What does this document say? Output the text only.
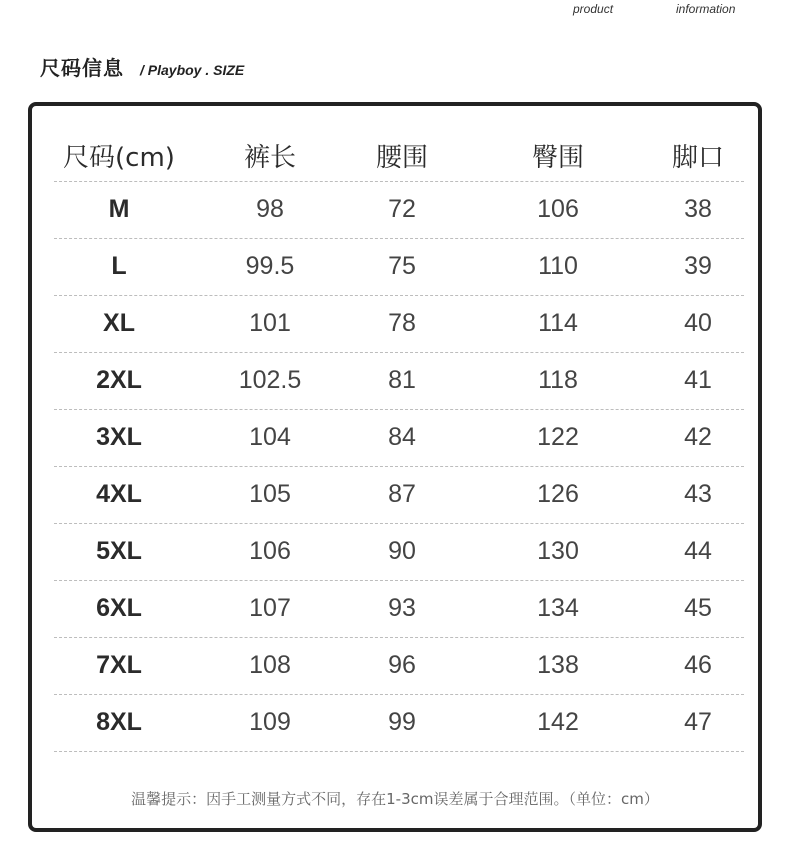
product	information
尺码信息 / Playboy . SIZE
尺码(cm)	裤长	腰围	臀围	脚口
M	98	72	106	38
L	99.5	75	110	39
XL	101	78	114	40
2XL	102.5	81	118	41
3XL	104	84	122	42
4XL	105	87	126	43
5XL	106	90	130	44
6XL	107	93	134	45
7XL	108	96	138	46
8XL	109	99	142	47
温馨提示：因手工测量方式不同，存在1-3cm误差属于合理范围。（单位：cm）
